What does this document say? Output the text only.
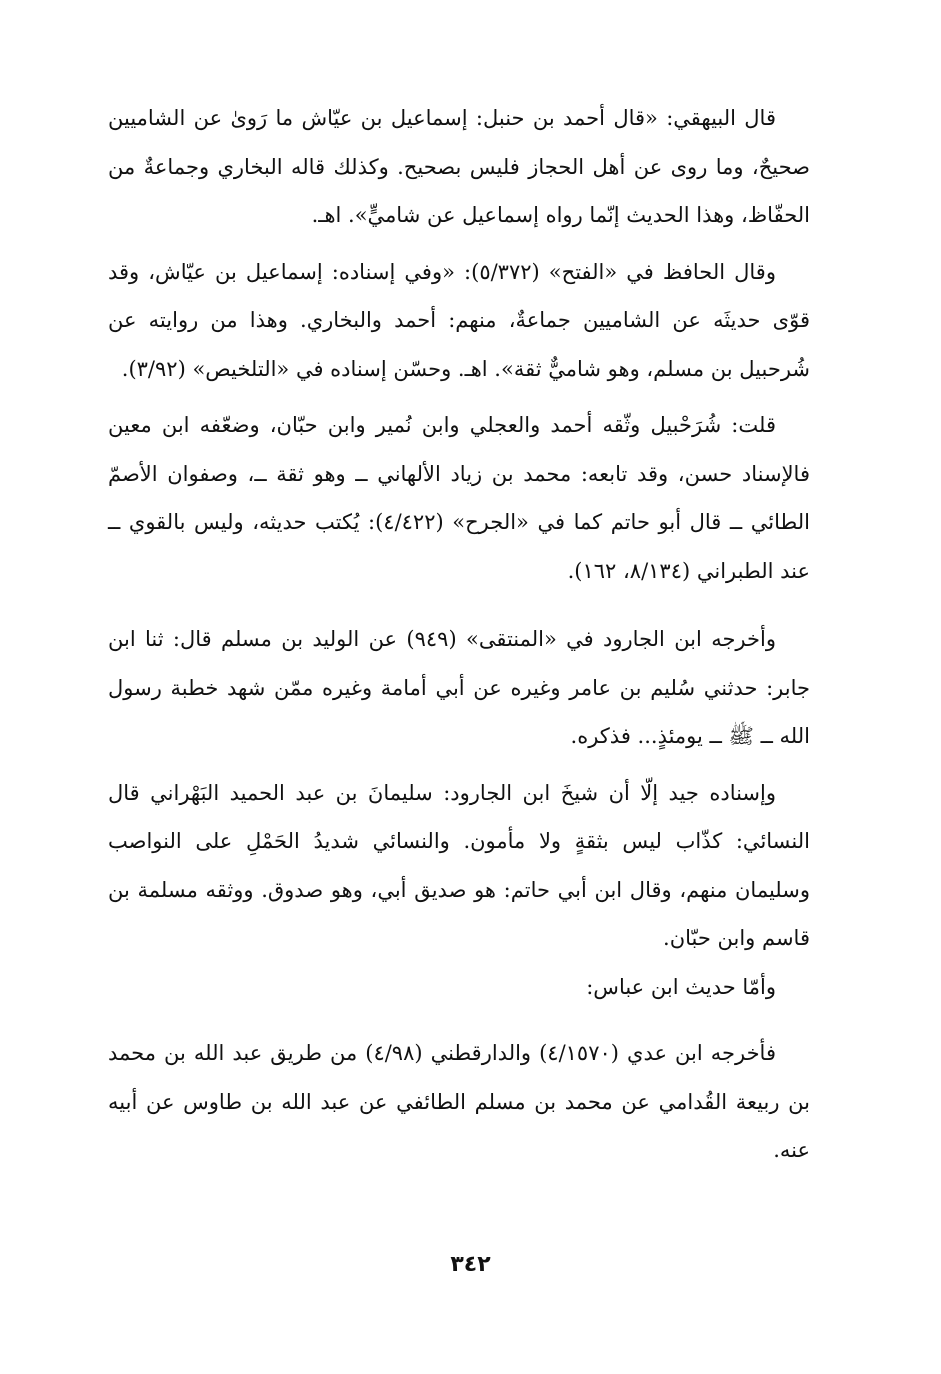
قال البيهقي: «قال أحمد بن حنبل: إسماعيل بن عيّاش ما رَوىٰ عن الشاميين صحيحٌ، وما روى عن أهل الحجاز فليس بصحيح. وكذلك قاله البخاري وجماعةٌ من الحفّاظ، وهذا الحديث إنّما رواه إسماعيل عن شاميٍّ». اهـ.

وقال الحافظ في «الفتح» (٥/٣٧٢): «وفي إسناده: إسماعيل بن عيّاش، وقد قوّى حديثَه عن الشاميين جماعةٌ، منهم: أحمد والبخاري. وهذا من روايته عن شُرحبيل بن مسلم، وهو شاميٌّ ثقة». اهـ. وحسّن إسناده في «التلخيص» (٣/٩٢).

قلت: شُرَحْبيل وثّقه أحمد والعجلي وابن نُمير وابن حبّان، وضعّفه ابن معين فالإسناد حسن، وقد تابعه: محمد بن زياد الألهاني ــ وهو ثقة ــ، وصفوان الأصمّ الطائي ــ قال أبو حاتم كما في «الجرح» (٤/٤٢٢): يُكتب حديثه، وليس بالقوي ــ عند الطبراني (٨/١٣٤، ١٦٢).

وأخرجه ابن الجارود في «المنتقى» (٩٤٩) عن الوليد بن مسلم قال: ثنا ابن جابر: حدثني سُليم بن عامر وغيره عن أبي أمامة وغيره ممّن شهد خطبة رسول الله ــ ﷺ ــ يومئذٍ... فذكره.

وإسناده جيد إلّا أن شيخَ ابن الجارود: سليمانَ بن عبد الحميد البَهْراني قال النسائي: كذّاب ليس بثقةٍ ولا مأمون. والنسائي شديدُ الحَمْلِ على النواصب وسليمان منهم، وقال ابن أبي حاتم: هو صديق أبي، وهو صدوق. ووثقه مسلمة بن قاسم وابن حبّان.

وأمّا حديث ابن عباس:

فأخرجه ابن عدي (٤/١٥٧٠) والدارقطني (٤/٩٨) من طريق عبد الله بن محمد بن ربيعة القُدامي عن محمد بن مسلم الطائفي عن عبد الله بن طاوس عن أبيه عنه.

٣٤٢
